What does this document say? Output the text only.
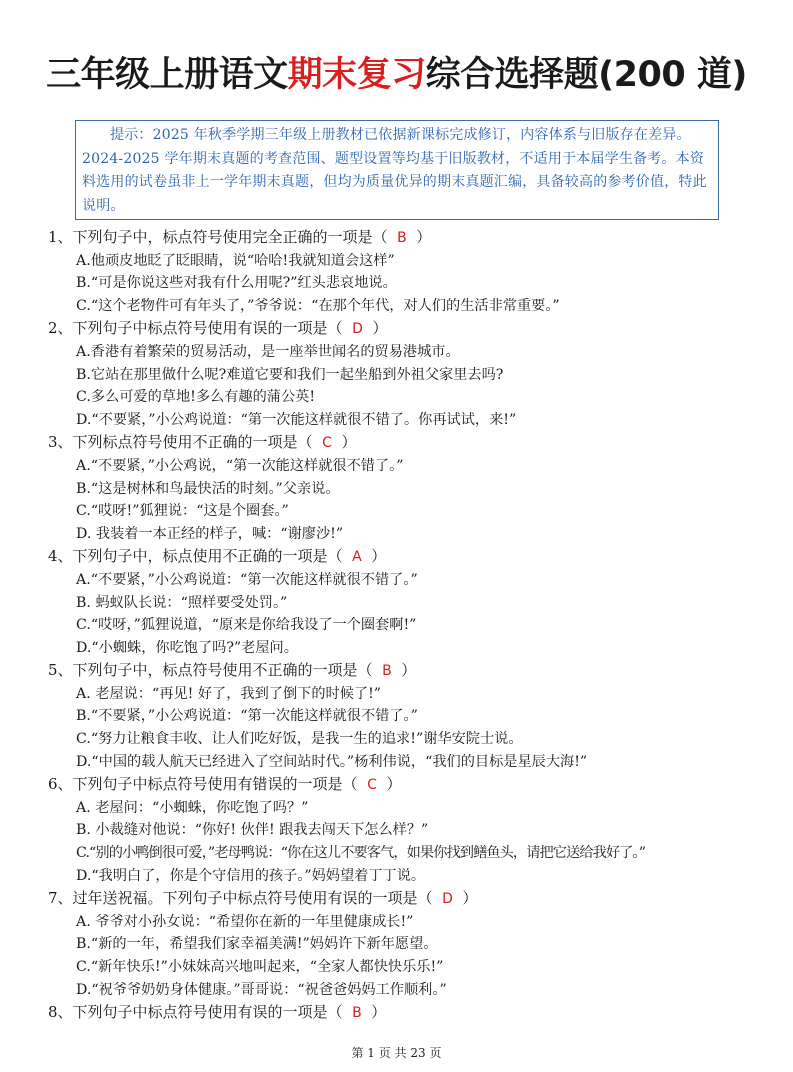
三年级上册语文期末复习综合选择题(200 道)
提示：2025 年秋季学期三年级上册教材已依据新课标完成修订，内容体系与旧版存在差异。2024-2025 学年期末真题的考查范围、题型设置等均基于旧版教材，不适用于本届学生备考。本资料选用的试卷虽非上一学年期末真题，但均为质量优异的期末真题汇编，具备较高的参考价值，特此说明。
1、下列句子中，标点符号使用完全正确的一项是（ B ）
A.他顽皮地眨了眨眼睛，说“哈哈!我就知道会这样”
B.“可是你说这些对我有什么用呢?”红头悲哀地说。
C.“这个老物件可有年头了，”爷爷说：“在那个年代，对人们的生活非常重要。”
2、下列句子中标点符号使用有误的一项是（ D ）
A.香港有着繁荣的贸易活动，是一座举世闻名的贸易港城市。
B.它站在那里做什么呢?难道它要和我们一起坐船到外祖父家里去吗?
C.多么可爱的草地!多么有趣的蒲公英!
D.“不要紧，”小公鸡说道：“第一次能这样就很不错了。你再试试，来!”
3、下列标点符号使用不正确的一项是（ C ）
A.“不要紧，”小公鸡说，“第一次能这样就很不错了。”
B.“这是树林和鸟最快活的时刻。”父亲说。
C.“哎呀!”狐狸说：“这是个圈套。”
D. 我装着一本正经的样子，喊：“谢廖沙!”
4、下列句子中，标点使用不正确的一项是（ A ）
A.“不要紧，”小公鸡说道：“第一次能这样就很不错了。”
B. 蚂蚁队长说：“照样要受处罚。”
C.“哎呀，”狐狸说道，“原来是你给我设了一个圈套啊!”
D.“小蜘蛛，你吃饱了吗?”老屋问。
5、下列句子中，标点符号使用不正确的一项是（ B ）
A. 老屋说：“再见! 好了，我到了倒下的时候了!”
B.“不要紧，”小公鸡说道：“第一次能这样就很不错了。”
C.“努力让粮食丰收、让人们吃好饭，是我一生的追求!”谢华安院士说。
D.“中国的载人航天已经进入了空间站时代。”杨利伟说，“我们的目标是星辰大海!”
6、下列句子中标点符号使用有错误的一项是（ C ）
A. 老屋问：“小蜘蛛，你吃饱了吗？”
B. 小裁缝对他说：“你好! 伙伴! 跟我去闯天下怎么样？”
C.“别的小鸭倒很可爱，”老母鸭说：“你在这儿不要客气，如果你找到鳝鱼头，请把它送给我好了。”
D.“我明白了，你是个守信用的孩子。”妈妈望着丁丁说。
7、过年送祝福。下列句子中标点符号使用有误的一项是（ D ）
A. 爷爷对小孙女说：“希望你在新的一年里健康成长!”
B.“新的一年，希望我们家幸福美满!”妈妈许下新年愿望。
C.“新年快乐!”小妹妹高兴地叫起来，“全家人都快快乐乐!”
D.“祝爷爷奶奶身体健康。”哥哥说：“祝爸爸妈妈工作顺利。”
8、下列句子中标点符号使用有误的一项是（ B ）
第 1 页 共 23 页
